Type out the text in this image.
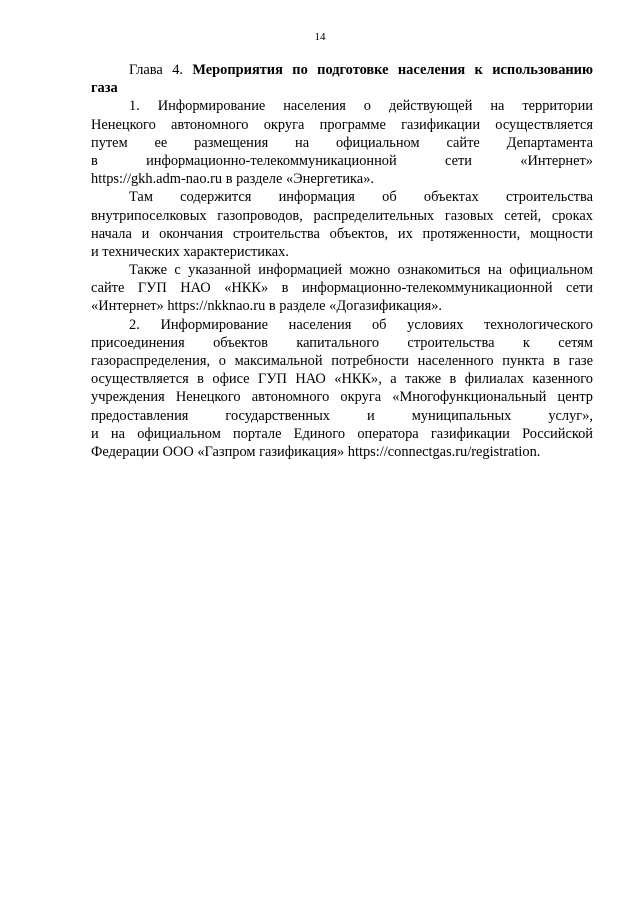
14
Глава 4. Мероприятия по подготовке населения к использованию
газа
1. Информирование населения о действующей на территории
Ненецкого автономного округа программе газификации осуществляется
путем ее размещения на официальном сайте Департамента
в информационно-телекоммуникационной сети «Интернет»
https://gkh.adm-nao.ru в разделе «Энергетика».
Там содержится информация об объектах строительства
внутрипоселковых газопроводов, распределительных газовых сетей, сроках
начала и окончания строительства объектов, их протяженности, мощности
и технических характеристиках.
Также с указанной информацией можно ознакомиться на официальном
сайте ГУП НАО «НКК» в информационно-телекоммуникационной сети
«Интернет» https://nkknao.ru в разделе «Догазификация».
2. Информирование населения об условиях технологического
присоединения объектов капитального строительства к сетям
газораспределения, о максимальной потребности населенного пункта в газе
осуществляется в офисе ГУП НАО «НКК», а также в филиалах казенного
учреждения Ненецкого автономного округа «Многофункциональный центр
предоставления государственных и муниципальных услуг»,
и на официальном портале Единого оператора газификации Российской
Федерации ООО «Газпром газификация» https://connectgas.ru/registration.
